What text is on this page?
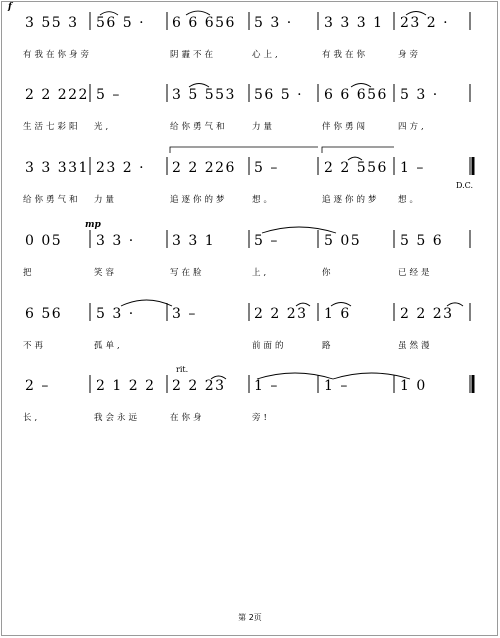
3 55 3
有我在你身旁
56 5 · 6 6 656
阴霾不在
5 3 ·
心上,
3 3 3 1
有我在你
23 2 ·
身旁
f
2 2 222
生活七彩阳
5 –
光,
3 5 553
给你勇气和
56 5 ·
力量
6 6 656
伴你勇闯
5 3 ·
四方,
3 3 331
给你勇气和
23 2 ·
力量
2 2 226
追逐你的梦
5 –
想。
2 2 556
追逐你的梦
1 –
想。
D.C.
0 05
把
3 3 ·
笑容
3 3 1
写在脸
5 –
上,
5 05
你
5 5 6
已经是
mp
6 56
不再
5 3 ·
孤单,
3 –	2 2 23
前面的
1 6
路
2 2 23
虽然漫
2 –
长,
2 1 2 2
我会永远
2 2 23
在你身
1 –
旁!
1 –	1 0
rit.
第 2页
